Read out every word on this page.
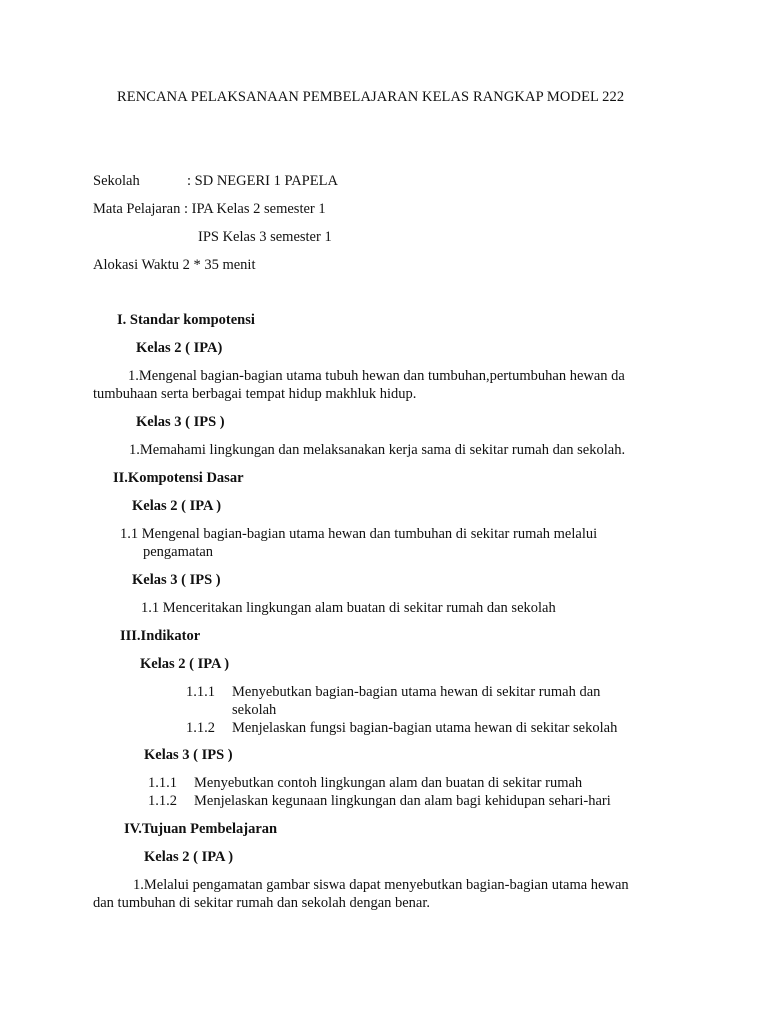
RENCANA PELAKSANAAN PEMBELAJARAN KELAS RANGKAP MODEL 222
Sekolah	: SD NEGERI 1 PAPELA
Mata Pelajaran : IPA Kelas 2 semester 1
IPS Kelas 3 semester 1
Alokasi Waktu 2 * 35 menit
I. Standar kompotensi
Kelas 2 ( IPA)
1.Mengenal bagian-bagian utama tubuh hewan dan tumbuhan,pertumbuhan hewan da
tumbuhaan serta berbagai tempat hidup makhluk hidup.
Kelas 3 ( IPS )
1.Memahami lingkungan dan melaksanakan kerja sama di sekitar rumah dan sekolah.
II.Kompotensi Dasar
Kelas 2 ( IPA )
1.1 Mengenal bagian-bagian utama hewan dan tumbuhan di sekitar rumah melalui
pengamatan
Kelas 3 ( IPS )
1.1 Menceritakan lingkungan alam buatan di sekitar rumah dan sekolah
III.Indikator
Kelas 2 ( IPA )
1.1.1 Menyebutkan bagian-bagian utama hewan di sekitar rumah dan
sekolah
1.1.2 Menjelaskan fungsi bagian-bagian utama hewan di sekitar sekolah
Kelas 3 ( IPS )
1.1.1 Menyebutkan contoh lingkungan alam dan buatan di sekitar rumah
1.1.2 Menjelaskan kegunaan lingkungan dan alam bagi kehidupan sehari-hari
IV.Tujuan Pembelajaran
Kelas 2 ( IPA )
1.Melalui pengamatan gambar siswa dapat menyebutkan bagian-bagian utama hewan
dan tumbuhan di sekitar rumah dan sekolah dengan benar.
